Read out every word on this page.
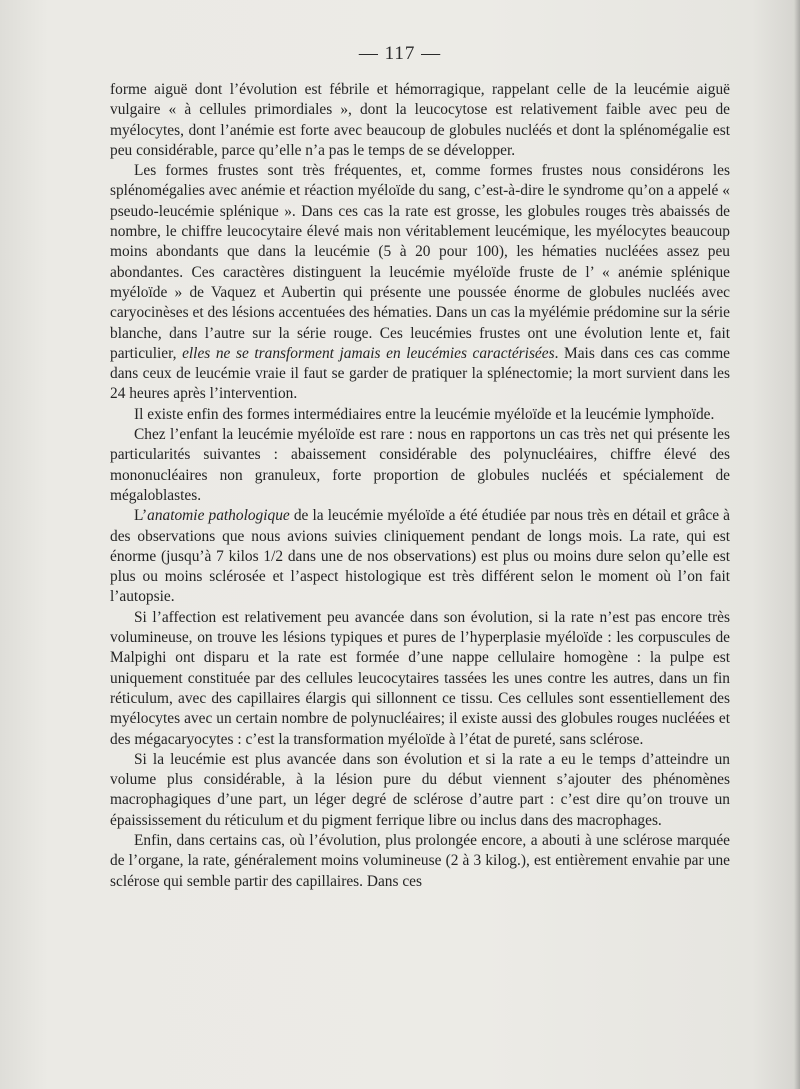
— 117 —

forme aiguë dont l’évolution est fébrile et hémorragique, rappelant celle de la leucémie aiguë vulgaire « à cellules primordiales », dont la leucocytose est relativement faible avec peu de myélocytes, dont l’anémie est forte avec beaucoup de globules nucléés et dont la splénomégalie est peu considérable, parce qu’elle n’a pas le temps de se développer.

Les formes frustes sont très fréquentes, et, comme formes frustes nous considérons les splénomégalies avec anémie et réaction myéloïde du sang, c’est-à-dire le syndrome qu’on a appelé « pseudo-leucémie splénique ». Dans ces cas la rate est grosse, les globules rouges très abaissés de nombre, le chiffre leucocytaire élevé mais non véritablement leucémique, les myélocytes beaucoup moins abondants que dans la leucémie (5 à 20 pour 100), les hématies nucléées assez peu abondantes. Ces caractères distinguent la leucémie myéloïde fruste de l’ « anémie splénique myéloïde » de Vaquez et Aubertin qui présente une poussée énorme de globules nucléés avec caryocinèses et des lésions accentuées des hématies. Dans un cas la myélémie prédomine sur la série blanche, dans l’autre sur la série rouge. Ces leucémies frustes ont une évolution lente et, fait particulier, elles ne se transforment jamais en leucémies caractérisées. Mais dans ces cas comme dans ceux de leucémie vraie il faut se garder de pratiquer la splénectomie; la mort survient dans les 24 heures après l’intervention.

Il existe enfin des formes intermédiaires entre la leucémie myéloïde et la leucémie lymphoïde.

Chez l’enfant la leucémie myéloïde est rare : nous en rapportons un cas très net qui présente les particularités suivantes : abaissement considérable des polynucléaires, chiffre élevé des mononucléaires non granuleux, forte proportion de globules nucléés et spécialement de mégaloblastes.

L’anatomie pathologique de la leucémie myéloïde a été étudiée par nous très en détail et grâce à des observations que nous avions suivies cliniquement pendant de longs mois. La rate, qui est énorme (jusqu’à 7 kilos 1/2 dans une de nos observations) est plus ou moins dure selon qu’elle est plus ou moins sclérosée et l’aspect histologique est très différent selon le moment où l’on fait l’autopsie.

Si l’affection est relativement peu avancée dans son évolution, si la rate n’est pas encore très volumineuse, on trouve les lésions typiques et pures de l’hyperplasie myéloïde : les corpuscules de Malpighi ont disparu et la rate est formée d’une nappe cellulaire homogène : la pulpe est uniquement constituée par des cellules leucocytaires tassées les unes contre les autres, dans un fin réticulum, avec des capillaires élargis qui sillonnent ce tissu. Ces cellules sont essentiellement des myélocytes avec un certain nombre de polynucléaires; il existe aussi des globules rouges nucléées et des mégacaryocytes : c’est la transformation myéloïde à l’état de pureté, sans sclérose.

Si la leucémie est plus avancée dans son évolution et si la rate a eu le temps d’atteindre un volume plus considérable, à la lésion pure du début viennent s’ajouter des phénomènes macrophagiques d’une part, un léger degré de sclérose d’autre part : c’est dire qu’on trouve un épaississement du réticulum et du pigment ferrique libre ou inclus dans des macrophages.

Enfin, dans certains cas, où l’évolution, plus prolongée encore, a abouti à une sclérose marquée de l’organe, la rate, généralement moins volumineuse (2 à 3 kilog.), est entièrement envahie par une sclérose qui semble partir des capillaires. Dans ces
